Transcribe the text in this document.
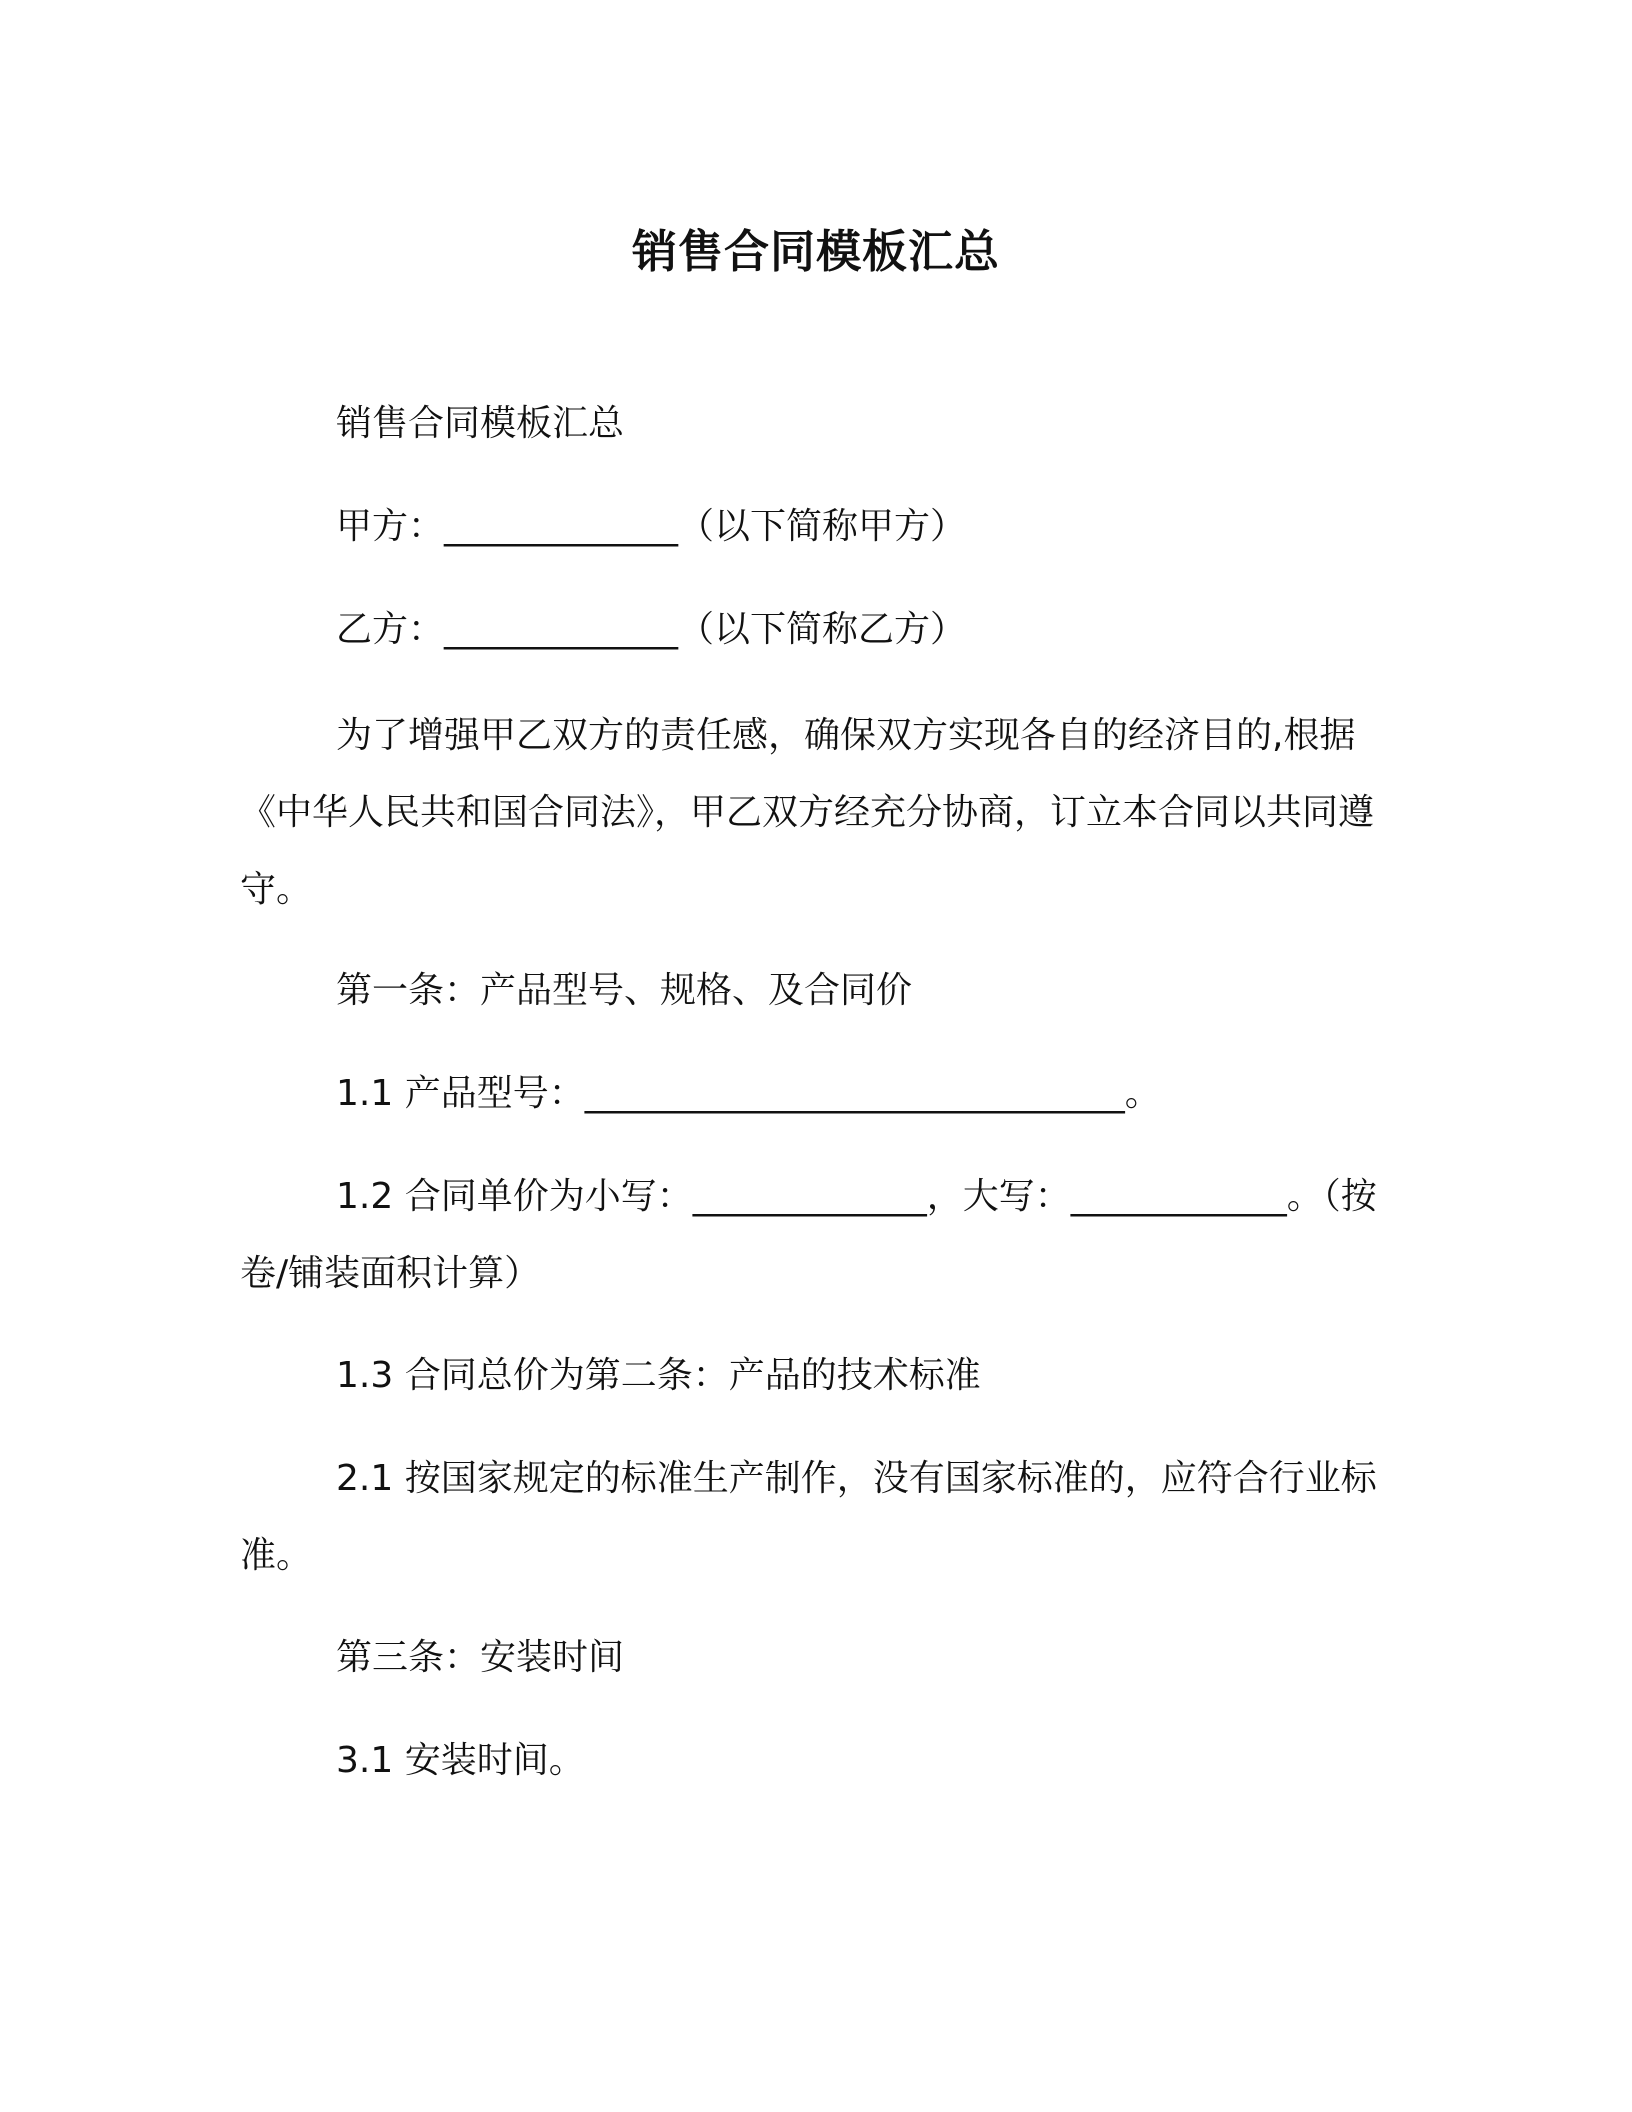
销售合同模板汇总
销售合同模板汇总
甲方：_____________（以下简称甲方）
乙方：_____________（以下简称乙方）
为了增强甲乙双方的责任感，确保双方实现各自的经济目的,根据《中华人民共和国合同法》，甲乙双方经充分协商，订立本合同以共同遵守。
第一条：产品型号、规格、及合同价
1.1 产品型号：______________________________。
1.2 合同单价为小写：_____________，大写：____________。（按卷/铺装面积计算）
1.3 合同总价为第二条：产品的技术标准
2.1 按国家规定的标准生产制作，没有国家标准的，应符合行业标准。
第三条：安装时间
3.1 安装时间。
